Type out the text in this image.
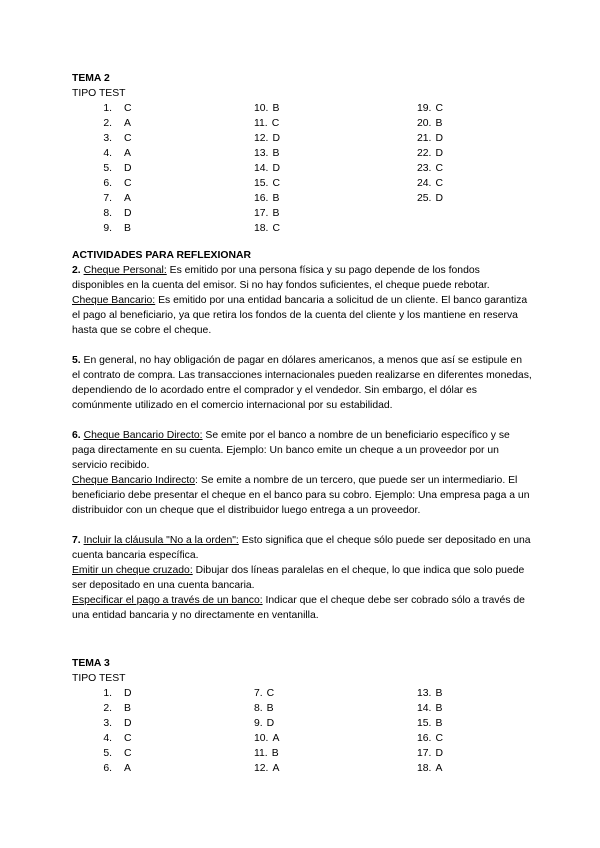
TEMA 2
TIPO TEST
1. C
2. A
3. C
4. A
5. D
6. C
7. A
8. D
9. B
10. B
11. C
12. D
13. B
14. D
15. C
16. B
17. B
18. C
19. C
20. B
21. D
22. D
23. C
24. C
25. D
ACTIVIDADES PARA REFLEXIONAR

2. Cheque Personal: Es emitido por una persona física y su pago depende de los fondos disponibles en la cuenta del emisor. Si no hay fondos suficientes, el cheque puede rebotar.

Cheque Bancario: Es emitido por una entidad bancaria a solicitud de un cliente. El banco garantiza el pago al beneficiario, ya que retira los fondos de la cuenta del cliente y los mantiene en reserva hasta que se cobre el cheque.

5. En general, no hay obligación de pagar en dólares americanos, a menos que así se estipule en el contrato de compra. Las transacciones internacionales pueden realizarse en diferentes monedas, dependiendo de lo acordado entre el comprador y el vendedor. Sin embargo, el dólar es comúnmente utilizado en el comercio internacional por su estabilidad.

6. Cheque Bancario Directo: Se emite por el banco a nombre de un beneficiario específico y se paga directamente en su cuenta. Ejemplo: Un banco emite un cheque a un proveedor por un servicio recibido.

Cheque Bancario Indirecto: Se emite a nombre de un tercero, que puede ser un intermediario. El beneficiario debe presentar el cheque en el banco para su cobro. Ejemplo: Una empresa paga a un distribuidor con un cheque que el distribuidor luego entrega a un proveedor.

7. Incluir la cláusula "No a la orden": Esto significa que el cheque sólo puede ser depositado en una cuenta bancaria específica.

Emitir un cheque cruzado: Dibujar dos líneas paralelas en el cheque, lo que indica que solo puede ser depositado en una cuenta bancaria.

Especificar el pago a través de un banco: Indicar que el cheque debe ser cobrado sólo a través de una entidad bancaria y no directamente en ventanilla.

TEMA 3
TIPO TEST
1. D
2. B
3. D
4. C
5. C
6. A
7. C
8. B
9. D
10. A
11. B
12. A
13. B
14. B
15. B
16. C
17. D
18. A
